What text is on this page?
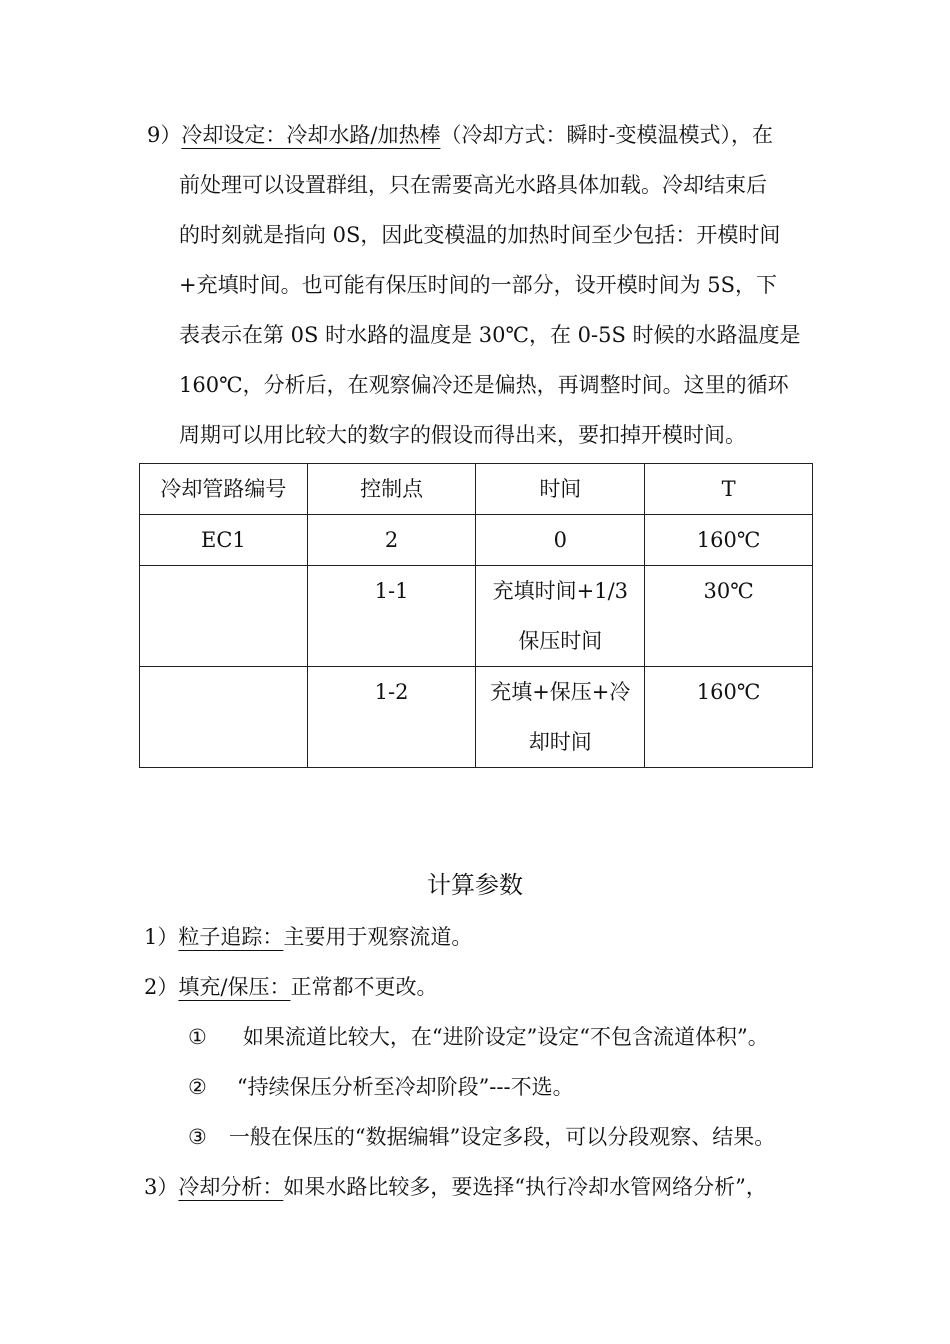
9）冷却设定：冷却水路/加热棒（冷却方式：瞬时-变模温模式），在
前处理可以设置群组，只在需要高光水路具体加载。冷却结束后
的时刻就是指向 0S，因此变模温的加热时间至少包括：开模时间
+充填时间。也可能有保压时间的一部分，设开模时间为 5S，下
表表示在第 0S 时水路的温度是 30℃，在 0-5S 时候的水路温度是
160℃，分析后，在观察偏冷还是偏热，再调整时间。这里的循环
周期可以用比较大的数字的假设而得出来，要扣掉开模时间。
冷却管路编号	控制点	时间	T

EC1	2	0	160℃

	1-1	充填时间+1/3
保压时间	30℃

	1-2	充填+保压+冷
却时间	160℃
计算参数
1）粒子追踪：主要用于观察流道。
2）填充/保压：正常都不更改。
① 如果流道比较大，在“进阶设定”设定“不包含流道体积”。
② “持续保压分析至冷却阶段”---不选。
③ 一般在保压的“数据编辑”设定多段，可以分段观察、结果。
3）冷却分析：如果水路比较多，要选择“执行冷却水管网络分析”，
